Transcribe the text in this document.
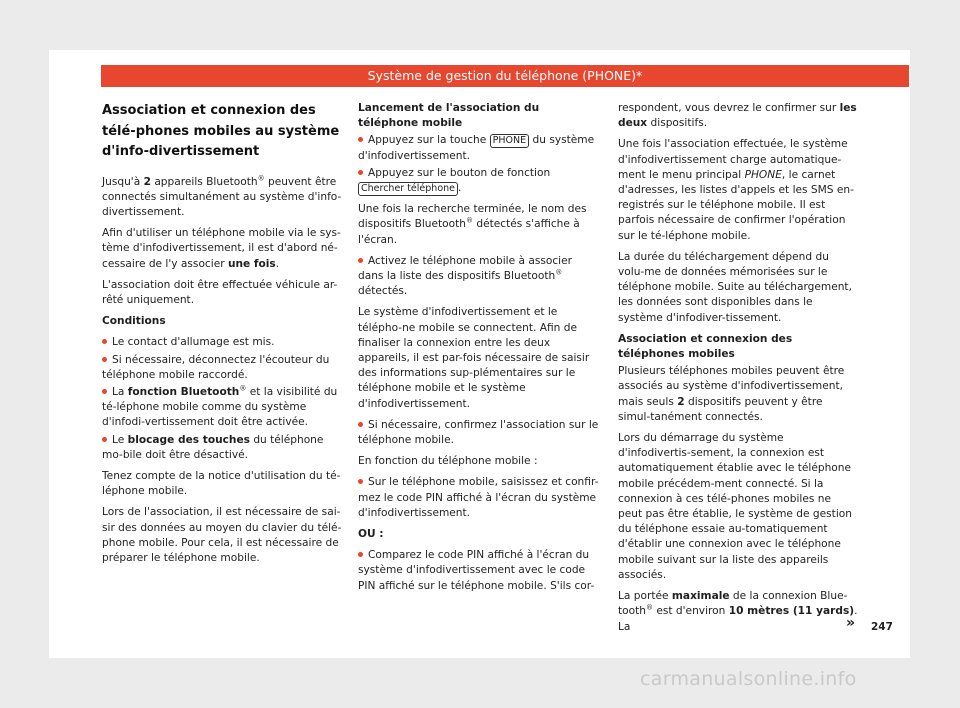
Système de gestion du téléphone (PHONE)*
Association et connexion des télé-phones mobiles au système d'info-divertissement

Jusqu'à 2 appareils Bluetooth® peuvent être connectés simultanément au système d'info-divertissement.

Afin d'utiliser un téléphone mobile via le sys-tème d'infodivertissement, il est d'abord né-cessaire de l'y associer une fois.

L'association doit être effectuée véhicule ar-rêté uniquement.

Conditions

Le contact d'allumage est mis.

Si nécessaire, déconnectez l'écouteur du téléphone mobile raccordé.

La fonction Bluetooth® et la visibilité du té-léphone mobile comme du système d'infodi-vertissement doit être activée.

Le blocage des touches du téléphone mo-bile doit être désactivé.

Tenez compte de la notice d'utilisation du té-léphone mobile.

Lors de l'association, il est nécessaire de sai-sir des données au moyen du clavier du télé-phone mobile. Pour cela, il est nécessaire de préparer le téléphone mobile.

Lancement de l'association du téléphone mobile

Appuyez sur la touche PHONE du système d'infodivertissement.

Appuyez sur le bouton de fonction Chercher téléphone .

Une fois la recherche terminée, le nom des dispositifs Bluetooth® détectés s'affiche à l'écran.

Activez le téléphone mobile à associer dans la liste des dispositifs Bluetooth® détectés.

Le système d'infodivertissement et le télépho-ne mobile se connectent. Afin de finaliser la connexion entre les deux appareils, il est par-fois nécessaire de saisir des informations sup-plémentaires sur le téléphone mobile et le système d'infodivertissement.

Si nécessaire, confirmez l'association sur le téléphone mobile.

En fonction du téléphone mobile :

Sur le téléphone mobile, saisissez et confir-mez le code PIN affiché à l'écran du système d'infodivertissement.

OU :

Comparez le code PIN affiché à l'écran du système d'infodivertissement avec le code PIN affiché sur le téléphone mobile. S'ils cor-

respondent, vous devrez le confirmer sur les deux dispositifs.

Une fois l'association effectuée, le système d'infodivertissement charge automatique-ment le menu principal PHONE, le carnet d'adresses, les listes d'appels et les SMS en-registrés sur le téléphone mobile. Il est parfois nécessaire de confirmer l'opération sur le té-léphone mobile.

La durée du téléchargement dépend du volu-me de données mémorisées sur le téléphone mobile. Suite au téléchargement, les données sont disponibles dans le système d'infodiver-tissement.

Association et connexion des téléphones mobiles

Plusieurs téléphones mobiles peuvent être associés au système d'infodivertissement, mais seuls 2 dispositifs peuvent y être simul-tanément connectés.

Lors du démarrage du système d'infodivertis-sement, la connexion est automatiquement établie avec le téléphone mobile précédem-ment connecté. Si la connexion à ces télé-phones mobiles ne peut pas être établie, le système de gestion du téléphone essaie au-tomatiquement d'établir une connexion avec le téléphone mobile suivant sur la liste des appareils associés.

La portée maximale de la connexion Blue-tooth® est d'environ 10 mètres (11 yards). La	» 247
carmanualsonline.info
